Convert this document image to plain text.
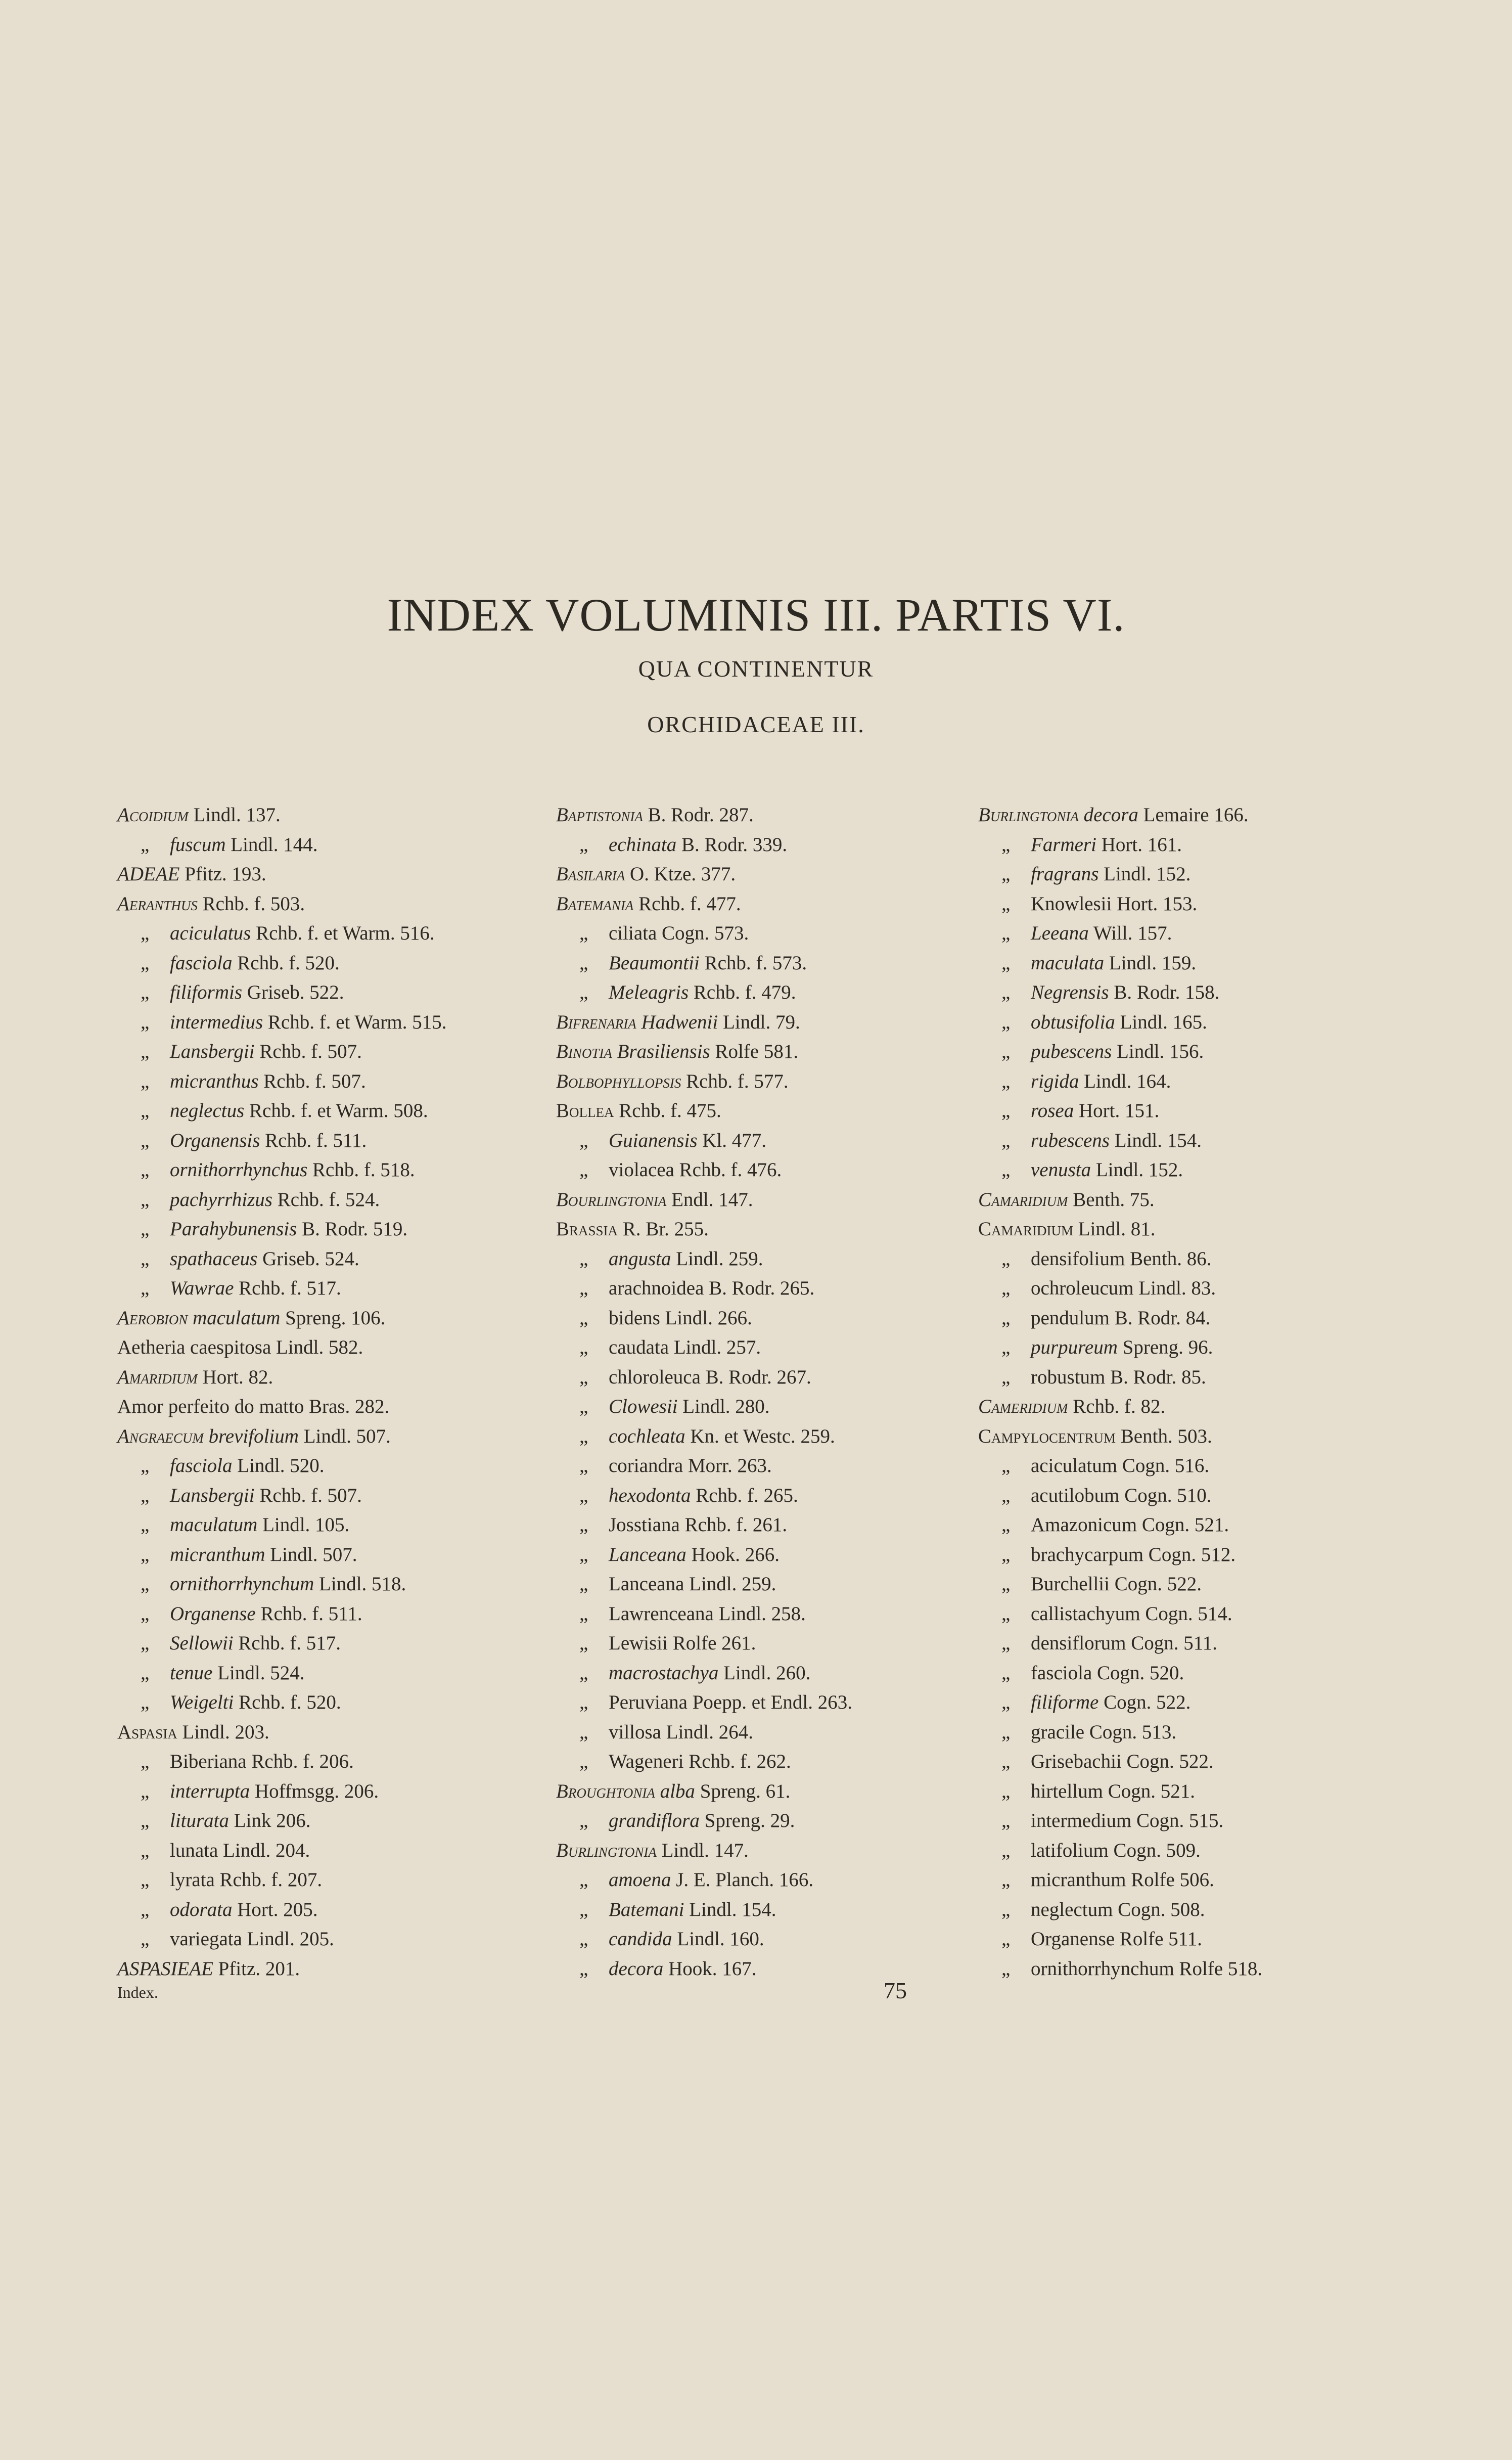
INDEX VOLUMINIS III. PARTIS VI.
QUA CONTINENTUR
ORCHIDACEAE III.
Acoidium Lindl. 137.
„ fuscum Lindl. 144.
ADEAE Pfitz. 193.
Aeranthus Rchb. f. 503.
„ aciculatus Rchb. f. et Warm. 516.
„ fasciola Rchb. f. 520.
„ filiformis Griseb. 522.
„ intermedius Rchb. f. et Warm. 515.
„ Lansbergii Rchb. f. 507.
„ micranthus Rchb. f. 507.
„ neglectus Rchb. f. et Warm. 508.
„ Organensis Rchb. f. 511.
„ ornithorrhynchus Rchb. f. 518.
„ pachyrrhizus Rchb. f. 524.
„ Parahybunensis B. Rodr. 519.
„ spathaceus Griseb. 524.
„ Wawrae Rchb. f. 517.
Aerobion maculatum Spreng. 106.
Aetheria caespitosa Lindl. 582.
Amaridium Hort. 82.
Amor perfeito do matto Bras. 282.
Angraecum brevifolium Lindl. 507.
„ fasciola Lindl. 520.
„ Lansbergii Rchb. f. 507.
„ maculatum Lindl. 105.
„ micranthum Lindl. 507.
„ ornithorrhynchum Lindl. 518.
„ Organense Rchb. f. 511.
„ Sellowii Rchb. f. 517.
„ tenue Lindl. 524.
„ Weigelti Rchb. f. 520.
Aspasia Lindl. 203.
„ Biberiana Rchb. f. 206.
„ interrupta Hoffmsgg. 206.
„ liturata Link 206.
„ lunata Lindl. 204.
„ lyrata Rchb. f. 207.
„ odorata Hort. 205.
„ variegata Lindl. 205.
ASPASIEAE Pfitz. 201.
Baptistonia B. Rodr. 287.
„ echinata B. Rodr. 339.
Basilaria O. Ktze. 377.
Batemania Rchb. f. 477.
„ ciliata Cogn. 573.
„ Beaumontii Rchb. f. 573.
„ Meleagris Rchb. f. 479.
Bifrenaria Hadwenii Lindl. 79.
Binotia Brasiliensis Rolfe 581.
Bolbophyllopsis Rchb. f. 577.
Bollea Rchb. f. 475.
„ Guianensis Kl. 477.
„ violacea Rchb. f. 476.
Bourlingtonia Endl. 147.
Brassia R. Br. 255.
„ angusta Lindl. 259.
„ arachnoidea B. Rodr. 265.
„ bidens Lindl. 266.
„ caudata Lindl. 257.
„ chloroleuca B. Rodr. 267.
„ Clowesii Lindl. 280.
„ cochleata Kn. et Westc. 259.
„ coriandra Morr. 263.
„ hexodonta Rchb. f. 265.
„ Josstiana Rchb. f. 261.
„ Lanceana Hook. 266.
„ Lanceana Lindl. 259.
„ Lawrenceana Lindl. 258.
„ Lewisii Rolfe 261.
„ macrostachya Lindl. 260.
„ Peruviana Poepp. et Endl. 263.
„ villosa Lindl. 264.
„ Wageneri Rchb. f. 262.
Broughtonia alba Spreng. 61.
„ grandiflora Spreng. 29.
Burlingtonia Lindl. 147.
„ amoena J. E. Planch. 166.
„ Batemani Lindl. 154.
„ candida Lindl. 160.
„ decora Hook. 167.
Burlingtonia decora Lemaire 166.
„ Farmeri Hort. 161.
„ fragrans Lindl. 152.
„ Knowlesii Hort. 153.
„ Leeana Will. 157.
„ maculata Lindl. 159.
„ Negrensis B. Rodr. 158.
„ obtusifolia Lindl. 165.
„ pubescens Lindl. 156.
„ rigida Lindl. 164.
„ rosea Hort. 151.
„ rubescens Lindl. 154.
„ venusta Lindl. 152.
Camaridium Benth. 75.
Camaridium Lindl. 81.
„ densifolium Benth. 86.
„ ochroleucum Lindl. 83.
„ pendulum B. Rodr. 84.
„ purpureum Spreng. 96.
„ robustum B. Rodr. 85.
Cameridium Rchb. f. 82.
Campylocentrum Benth. 503.
„ aciculatum Cogn. 516.
„ acutilobum Cogn. 510.
„ Amazonicum Cogn. 521.
„ brachycarpum Cogn. 512.
„ Burchellii Cogn. 522.
„ callistachyum Cogn. 514.
„ densiflorum Cogn. 511.
„ fasciola Cogn. 520.
„ filiforme Cogn. 522.
„ gracile Cogn. 513.
„ Grisebachii Cogn. 522.
„ hirtellum Cogn. 521.
„ intermedium Cogn. 515.
„ latifolium Cogn. 509.
„ micranthum Rolfe 506.
„ neglectum Cogn. 508.
„ Organense Rolfe 511.
„ ornithorrhynchum Rolfe 518.
Index.	75
